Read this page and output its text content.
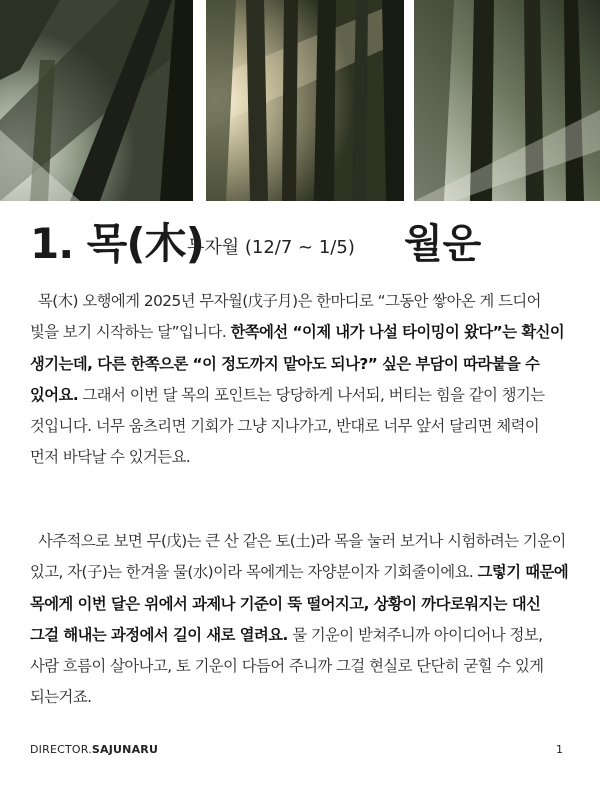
1. 목(木)
무자월 (12/7 ~ 1/5) 월운

목(木) 오행에게 2025년 무자월(戊子月)은 한마디로 “그동안 쌓아온 게 드디어 빛을 보기 시작하는 달”입니다. 한쪽에선 “이제 내가 나설 타이밍이 왔다”는 확신이 생기는데, 다른 한쪽으론 “이 정도까지 맡아도 되나?” 싶은 부담이 따라붙을 수 있어요. 그래서 이번 달 목의 포인트는 당당하게 나서되, 버티는 힘을 같이 챙기는 것입니다. 너무 움츠리면 기회가 그냥 지나가고, 반대로 너무 앞서 달리면 체력이 먼저 바닥날 수 있거든요.

사주적으로 보면 무(戊)는 큰 산 같은 토(土)라 목을 눌러 보거나 시험하려는 기운이 있고, 자(子)는 한겨울 물(水)이라 목에게는 자양분이자 기회줄이에요. 그렇기 때문에 목에게 이번 달은 위에서 과제나 기준이 뚝 떨어지고, 상황이 까다로워지는 대신 그걸 해내는 과정에서 길이 새로 열려요. 물 기운이 받쳐주니까 아이디어나 정보, 사람 흐름이 살아나고, 토 기운이 다듬어 주니까 그걸 현실로 단단히 굳힐 수 있게 되는거죠.

DIRECTOR.SAJUNARU	1
